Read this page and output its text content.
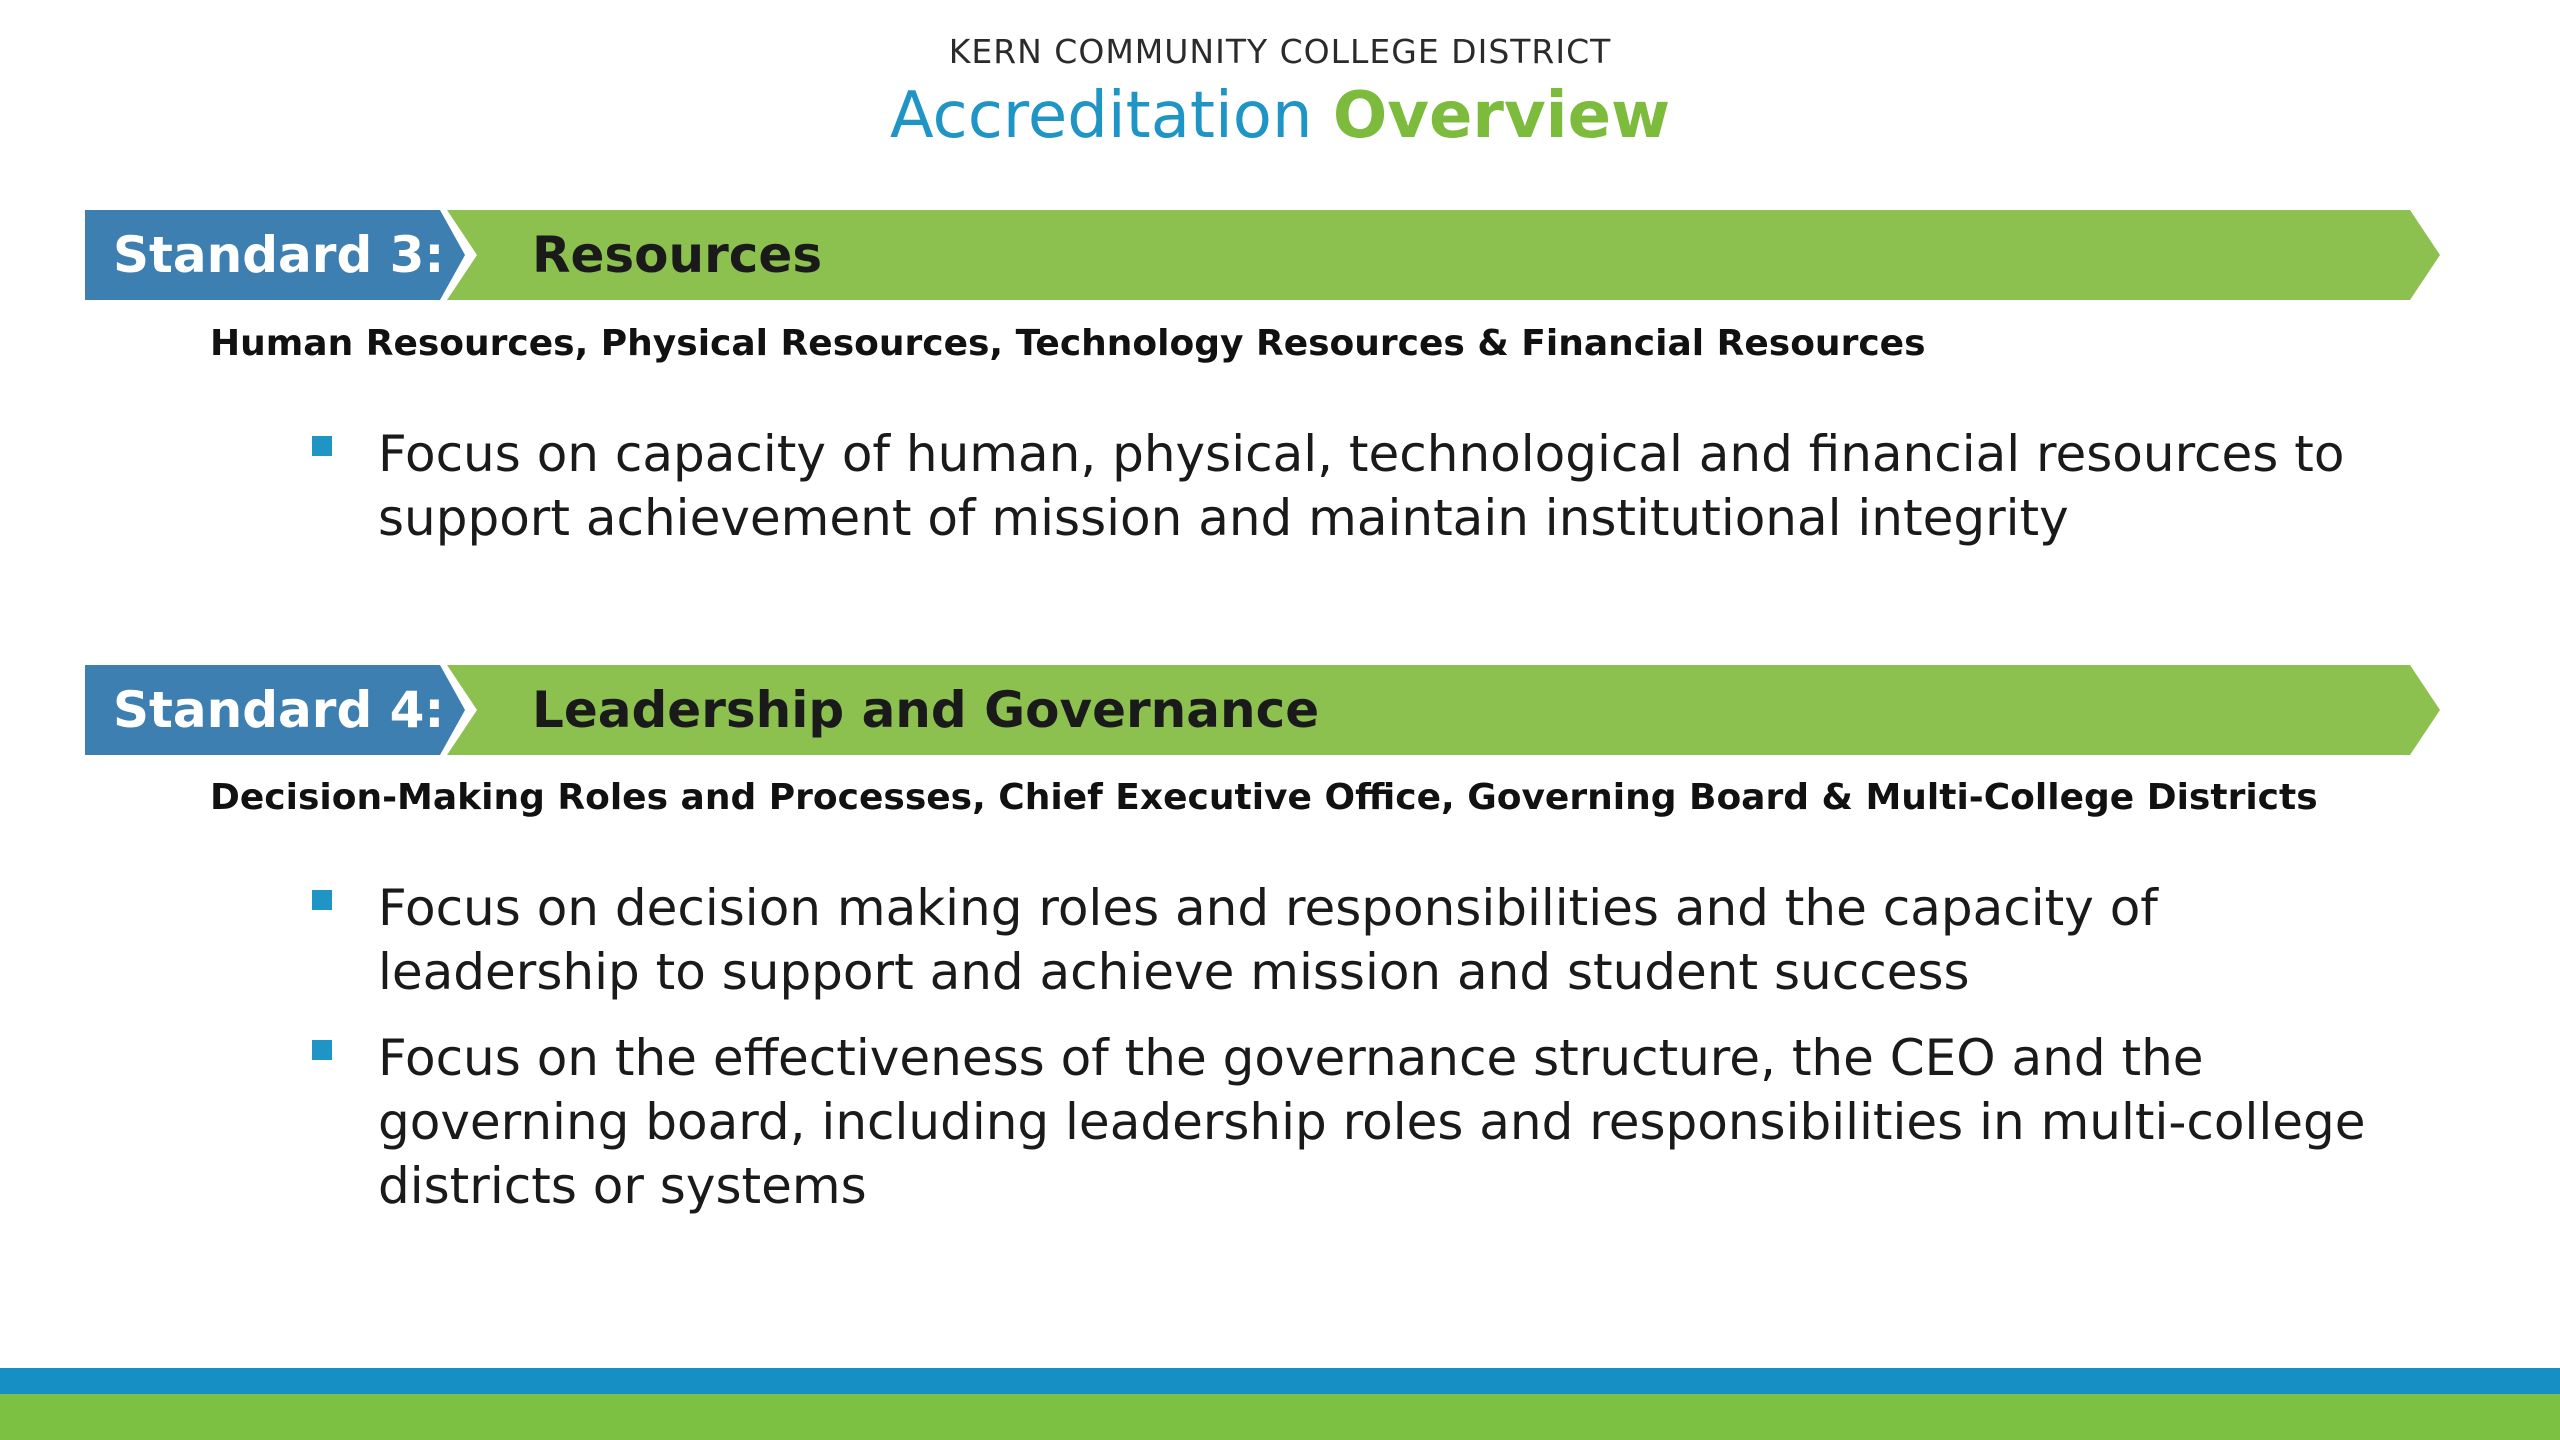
KERN COMMUNITY COLLEGE DISTRICT
Accreditation Overview
Standard 3: Resources
Human Resources, Physical Resources, Technology Resources & Financial Resources
Focus on capacity of human, physical, technological and financial resources to support achievement of mission and maintain institutional integrity
Standard 4: Leadership and Governance
Decision-Making Roles and Processes, Chief Executive Office, Governing Board & Multi-College Districts
Focus on decision making roles and responsibilities and the capacity of leadership to support and achieve mission and student success
Focus on the effectiveness of the governance structure, the CEO and the governing board, including leadership roles and responsibilities in multi-college districts or systems
